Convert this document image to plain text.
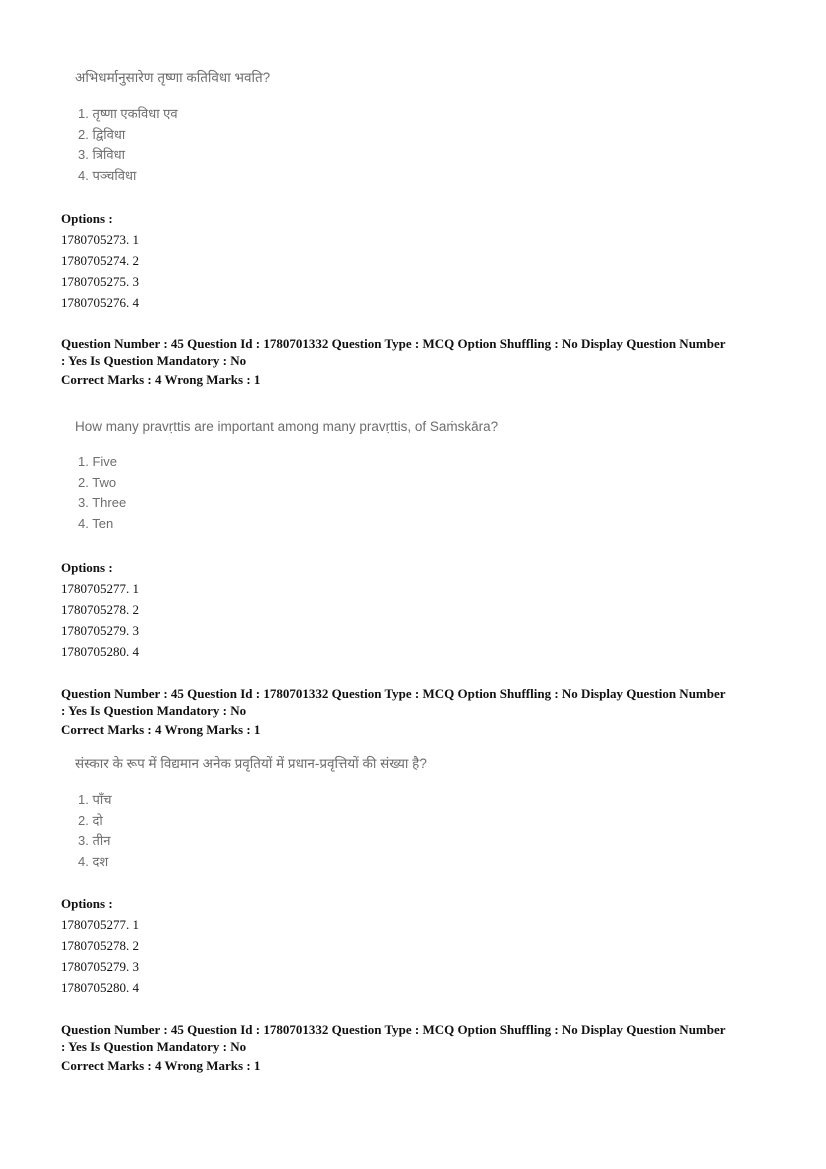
अभिधर्मानुसारेण तृष्णा कतिविधा भवति?
1. तृष्णा एकविधा एव
2. द्विविधा
3. त्रिविधा
4. पञ्चविधा
Options :
1780705273. 1
1780705274. 2
1780705275. 3
1780705276. 4
Question Number : 45 Question Id : 1780701332 Question Type : MCQ Option Shuffling : No Display Question Number
: Yes Is Question Mandatory : No
Correct Marks : 4 Wrong Marks : 1
How many pravṛttis are important among many pravṛttis, of Saṁskāra?
1. Five
2. Two
3. Three
4. Ten
Options :
1780705277. 1
1780705278. 2
1780705279. 3
1780705280. 4
Question Number : 45 Question Id : 1780701332 Question Type : MCQ Option Shuffling : No Display Question Number
: Yes Is Question Mandatory : No
Correct Marks : 4 Wrong Marks : 1
संस्कार के रूप में विद्यमान अनेक प्रवृतियों में प्रधान-प्रवृत्तियों की संख्या है?
1. पाँच
2. दो
3. तीन
4. दश
Options :
1780705277. 1
1780705278. 2
1780705279. 3
1780705280. 4
Question Number : 45 Question Id : 1780701332 Question Type : MCQ Option Shuffling : No Display Question Number
: Yes Is Question Mandatory : No
Correct Marks : 4 Wrong Marks : 1
